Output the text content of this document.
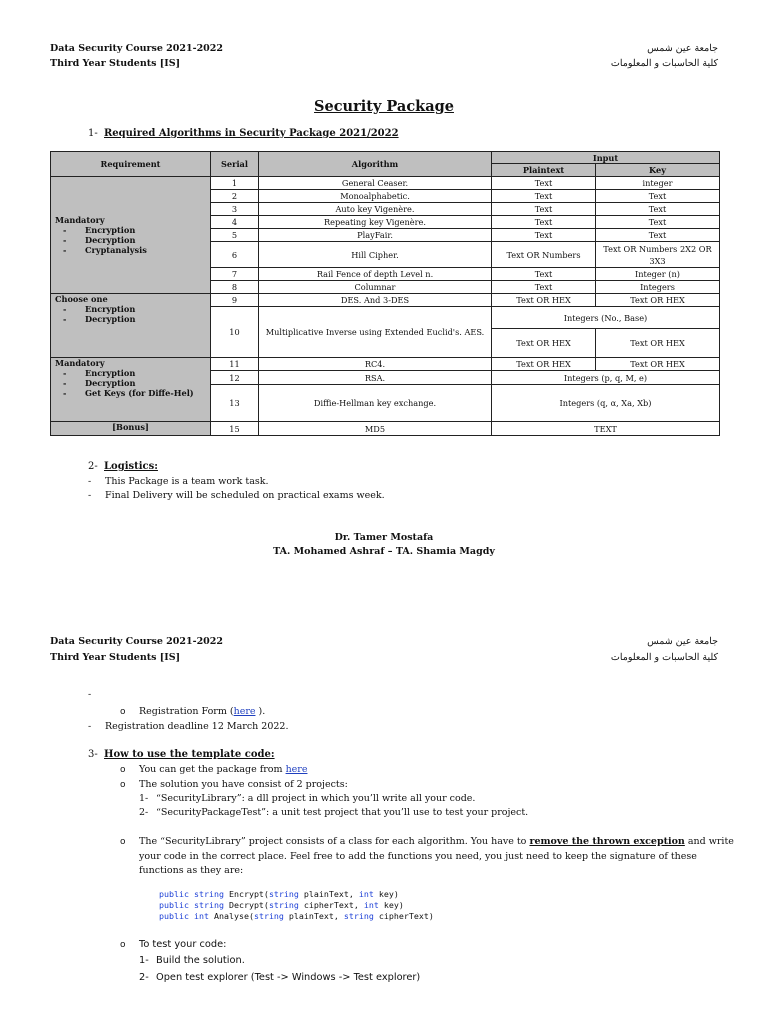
Data Security Course 2021-2022
Third Year Students [IS]
جامعة عين شمس
كلية الحاسبات و المعلومات
Security Package
1- Required Algorithms in Security Package 2021/2022
Requirement	Serial	Algorithm	Input	
			Plaintext	Key

Mandatory
- Encryption
- Decryption
- Cryptanalysis	1	General Ceaser.	Text	integer
	2	Monoalphabetic.	Text	Text
	3	Auto key Vigenère.	Text	Text
	4	Repeating key Vigenère.	Text	Text
	5	PlayFair.	Text	Text
	6	Hill Cipher.	Text OR Numbers	Text OR Numbers 2X2 OR 3X3
	7	Rail Fence of depth Level n.	Text	Integer (n)
	8	Columnar	Text	Integers

Choose one
- Encryption
- Decryption	9	DES. And 3-DES	Text OR HEX	Text OR HEX
	10	Multiplicative Inverse using Extended Euclid's. AES.	Integers (No., Base)	
			Text OR HEX	Text OR HEX

Mandatory
- Encryption
- Decryption
- Get Keys (for Diffe-Hel)	11	RC4.	Text OR HEX	Text OR HEX
	12	RSA.	Integers (p, q, M, e)	
	13	Diffie-Hellman key exchange.	Integers (q, α, Xa, Xb)	
[Bonus]	15	MD5	TEXT	
2- Logistics:
- This Package is a team work task.
- Final Delivery will be scheduled on practical exams week.
Dr. Tamer Mostafa
TA. Mohamed Ashraf – TA. Shamia Magdy
Data Security Course 2021-2022
Third Year Students [IS]
جامعة عين شمس
كلية الحاسبات و المعلومات
-
o Registration Form (here ).
- Registration deadline 12 March 2022.
3- How to use the template code:
o You can get the package from here
o The solution you have consist of 2 projects:
1- “SecurityLibrary”: a dll project in which you’ll write all your code.
2- “SecurityPackageTest”: a unit test project that you’ll use to test your project.
o The “SecurityLibrary” project consists of a class for each algorithm. You have to remove the thrown exception and write
your code in the correct place. Feel free to add the functions you need, you just need to keep the signature of these
functions as they are:

public string Encrypt(string plainText, int key)
public string Decrypt(string cipherText, int key)
public int Analyse(string plainText, string cipherText)

o To test your code:
1- Build the solution.
2- Open test explorer (Test -> Windows -> Test explorer)
